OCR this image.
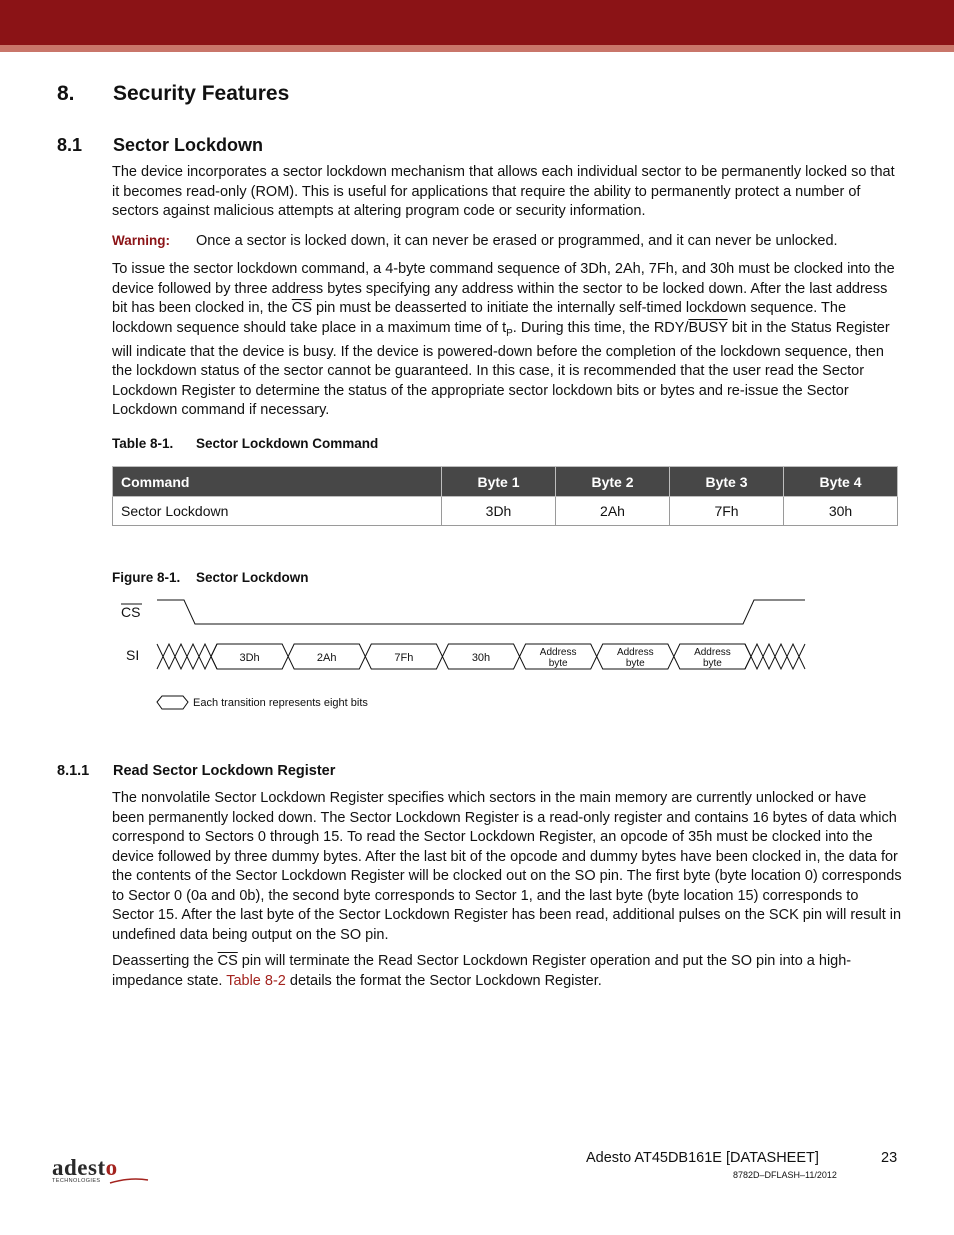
8. Security Features
8.1 Sector Lockdown

The device incorporates a sector lockdown mechanism that allows each individual sector to be permanently locked so that it becomes read-only (ROM). This is useful for applications that require the ability to permanently protect a number of sectors against malicious attempts at altering program code or security information.

Warning: Once a sector is locked down, it can never be erased or programmed, and it can never be unlocked.

To issue the sector lockdown command, a 4-byte command sequence of 3Dh, 2Ah, 7Fh, and 30h must be clocked into the device followed by three address bytes specifying any address within the sector to be locked down. After the last address bit has been clocked in, the $\overline{CS}$ pin must be deasserted to initiate the internally self-timed lockdown sequence. The lockdown sequence should take place in a maximum time of $t_P$. During this time, the RDY/BUSY bit in the Status Register will indicate that the device is busy. If the device is powered-down before the completion of the lockdown sequence, then the lockdown status of the sector cannot be guaranteed. In this case, it is recommended that the user read the Sector Lockdown Register to determine the status of the appropriate sector lockdown bits or bytes and re-issue the Sector Lockdown command if necessary.

Table 8-1. Sector Lockdown Command
Command	Byte 1	Byte 2	Byte 3	Byte 4
Sector Lockdown	3Dh	2Ah	7Fh	30h
Figure 8-1. Sector Lockdown
CS
SI	3Dh	2Ah	7Fh	30h	Address
byte
Address
byte
Address
byte
Each transition represents eight bits
8.1.1 Read Sector Lockdown Register

The nonvolatile Sector Lockdown Register specifies which sectors in the main memory are currently unlocked or have been permanently locked down. The Sector Lockdown Register is a read-only register and contains 16 bytes of data which correspond to Sectors 0 through 15. To read the Sector Lockdown Register, an opcode of 35h must be clocked into the device followed by three dummy bytes. After the last bit of the opcode and dummy bytes have been clocked in, the data for the contents of the Sector Lockdown Register will be clocked out on the SO pin. The first byte (byte location 0) corresponds to Sector 0 (0a and 0b), the second byte corresponds to Sector 1, and the last byte (byte location 15) corresponds to Sector 15. After the last byte of the Sector Lockdown Register has been read, additional pulses on the SCK pin will result in undefined data being output on the SO pin.

Deasserting the $\overline{CS}$ pin will terminate the Read Sector Lockdown Register operation and put the SO pin into a high-impedance state. Table 8-2 details the format the Sector Lockdown Register.

adesto
TECHNOLOGIES
Adesto AT45DB161E [DATASHEET]	23
8782D–DFLASH–11/2012
